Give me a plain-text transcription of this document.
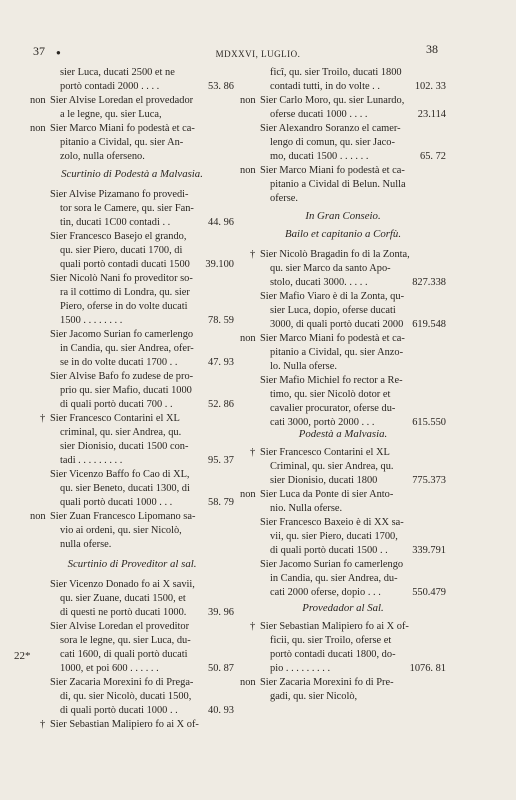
37	MDXXVI, LUGLIO.	38
●
sier Luca, ducati 2500 et ne
portò contadi 2000 . . . .	53. 86
non Sier Alvise Loredan el provedador
a le legne, qu. sier Luca,
non Sier Marco Miani fo podestà et ca-
pitanio a Cividal, qu. sier An-
zolo, nulla oferseno.
Scurtinio di Podestà a Malvasia.
Sier Alvise Pizamano fo provedi-
tor sora le Camere, qu. sier Fan-
tin, ducati 1C00 contadi . .	44. 96
Sier Francesco Basejo el grando,
qu. sier Piero, ducati 1700, di
quali portò contadi ducati 1500 39.100
Sier Nicolò Nani fo proveditor so-
ra il cottimo di Londra, qu. sier
Piero, oferse in do volte ducati
1500 . . . . . . . .	78. 59
Sier Jacomo Surian fo camerlengo
in Candia, qu. sier Andrea, ofer-
se in do volte ducati 1700 . .	47. 93
Sier Alvise Bafo fo zudese de pro-
prio qu. sier Mafio, ducati 1000
di quali portò ducati 700 . .	52. 86
† Sier Francesco Contarini el XL
criminal, qu. sier Andrea, qu.
sier Dionisio, ducati 1500 con-
tadi . . . . . . . . .	95. 37
Sier Vicenzo Baffo fo Cao di XL,
qu. sier Beneto, ducati 1300, di
quali portò ducati 1000 . . .	58. 79
non Sier Zuan Francesco Lipomano sa-
vio ai ordeni, qu. sier Nicolò,
nulla oferse.
Scurtinio di Proveditor al sal.
Sier Vicenzo Donado fo ai X savii,
qu. sier Zuane, ducati 1500, et
di questi ne portò ducati 1000. 39. 96
Sier Alvise Loredan el proveditor
sora le legne, qu. sier Luca, du-
cati 1600, di quali portò ducati
1000, et poi 600 . . . . . .	50. 87
Sier Zacaria Morexini fo di Prega-
di, qu. sier Nicolò, ducati 1500,
di quali portò ducati 1000 . .	40. 93
† Sier Sebastian Malipiero fo ai X of-
ficî, qu. sier Troilo, ducati 1800
contadi tutti, in do volte . .	102. 33
non Sier Carlo Moro, qu. sier Lunardo,
oferse ducati 1000 . . . .	23.114
Sier Alexandro Soranzo el camer-
lengo di comun, qu. sier Jaco-
mo, ducati 1500 . . . . . .	65. 72
non Sier Marco Miani fo podestà et ca-
pitanio a Cividal di Belun. Nulla
oferse.
In Gran Conseio.
Bailo et capitanio a Corfù.
† Sier Nicolò Bragadin fo di la Zonta,
qu. sier Marco da santo Apo-
stolo, ducati 3000. . . . .	827.338
Sier Mafio Viaro è di la Zonta, qu-
sier Luca, dopio, oferse ducati
3000, di quali portò ducati 2000 619.548
non Sier Marco Miani fo podestà et ca-
pitanio a Cividal, qu. sier Anzo-
lo. Nulla oferse.
Sier Mafio Michiel fo rector a Re-
timo, qu. sier Nicolò dotor et
cavalier procurator, oferse du-
cati 3000, portò 2000 . . .	615.550
Podestà a Malvasia.
† Sier Francesco Contarini el XL
Criminal, qu. sier Andrea, qu.
sier Dionisio, ducati 1800	775.373
non Sier Luca da Ponte di sier Anto-
nio. Nulla oferse.
Sier Francesco Baxeio è di XX sa-
vii, qu. sier Piero, ducati 1700,
di quali portò ducati 1500 . . 339.791
Sier Jacomo Surian fo camerlengo
in Candia, qu. sier Andrea, du-
cati 2000 oferse, dopio . . .	550.479
Provedador al Sal.
† Sier Sebastian Malipiero fo ai X of-
ficii, qu. sier Troilo, oferse et
portò contadi ducati 1800, do-
pio . . . . . . . . .	1076. 81
non Sier Zacaria Morexini fo di Pre-
gadi, qu. sier Nicolò,
22*
